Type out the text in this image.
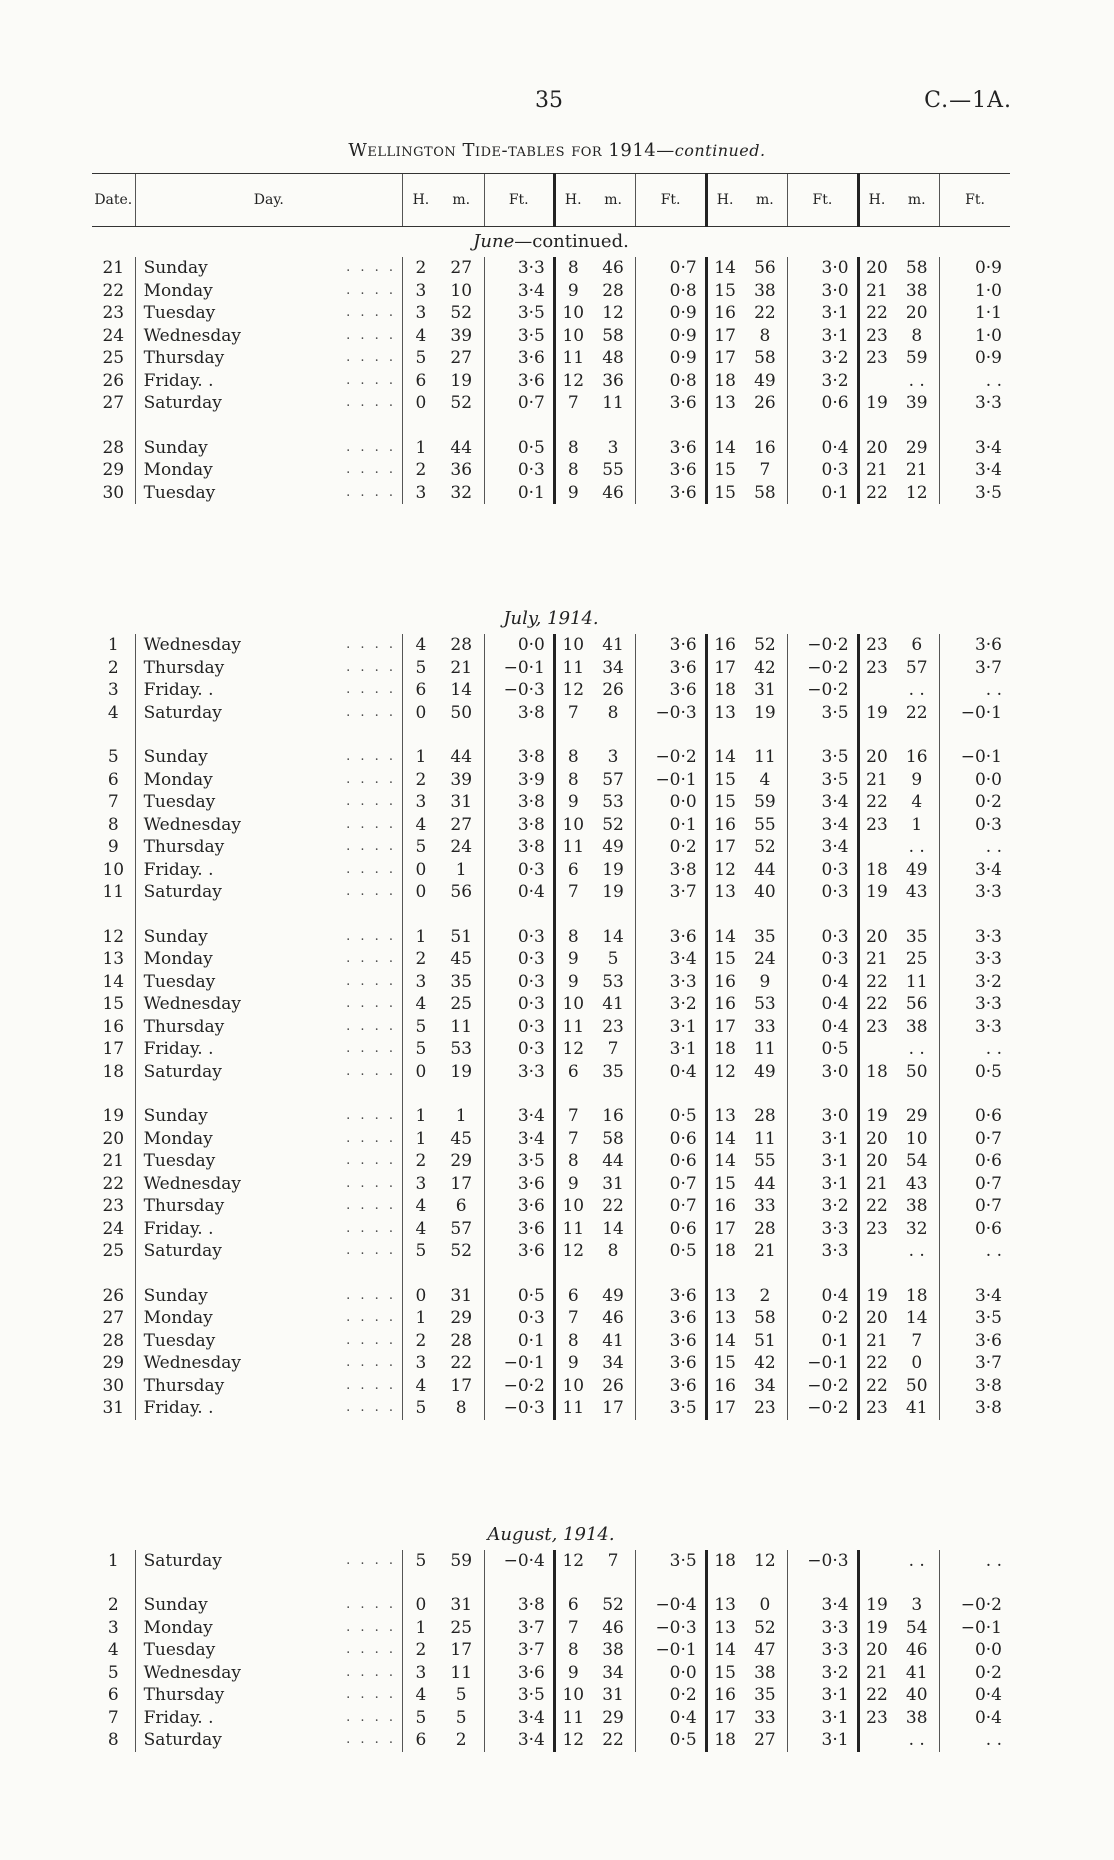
35	C.—1A.
Wellington Tide-tables for 1914—continued.
Date.	Day.		H.	m.	Ft.	H.	m.	Ft.	H.	m.	Ft.	H.	m.	Ft.
June—continued.														
21	Sunday	. . . .	2	27	3·3	8	46	0·7	14	56	3·0	20	58	0·9
22	Monday	. . . .	3	10	3·4	9	28	0·8	15	38	3·0	21	38	1·0
23	Tuesday	. . . .	3	52	3·5	10	12	0·9	16	22	3·1	22	20	1·1
24	Wednesday	. . . .	4	39	3·5	10	58	0·9	17	8	3·1	23	8	1·0
25	Thursday	. . . .	5	27	3·6	11	48	0·9	17	58	3·2	23	59	0·9
26	Friday. .	. . . .	6	19	3·6	12	36	0·8	18	49	3·2		. .	. .
27	Saturday	. . . .	0	52	0·7	7	11	3·6	13	26	0·6	19	39	3·3

28	Sunday	. . . .	1	44	0·5	8	3	3·6	14	16	0·4	20	29	3·4
29	Monday	. . . .	2	36	0·3	8	55	3·6	15	7	0·3	21	21	3·4
30	Tuesday	. . . .	3	32	0·1	9	46	3·6	15	58	0·1	22	12	3·5

July, 1914.														
1	Wednesday	. . . .	4	28	0·0	10	41	3·6	16	52	−0·2	23	6	3·6
2	Thursday	. . . .	5	21	−0·1	11	34	3·6	17	42	−0·2	23	57	3·7
3	Friday. .	. . . .	6	14	−0·3	12	26	3·6	18	31	−0·2		. .	. .
4	Saturday	. . . .	0	50	3·8	7	8	−0·3	13	19	3·5	19	22	−0·1

5	Sunday	. . . .	1	44	3·8	8	3	−0·2	14	11	3·5	20	16	−0·1
6	Monday	. . . .	2	39	3·9	8	57	−0·1	15	4	3·5	21	9	0·0
7	Tuesday	. . . .	3	31	3·8	9	53	0·0	15	59	3·4	22	4	0·2
8	Wednesday	. . . .	4	27	3·8	10	52	0·1	16	55	3·4	23	1	0·3
9	Thursday	. . . .	5	24	3·8	11	49	0·2	17	52	3·4		. .	. .
10	Friday. .	. . . .	0	1	0·3	6	19	3·8	12	44	0·3	18	49	3·4
11	Saturday	. . . .	0	56	0·4	7	19	3·7	13	40	0·3	19	43	3·3

12	Sunday	. . . .	1	51	0·3	8	14	3·6	14	35	0·3	20	35	3·3
13	Monday	. . . .	2	45	0·3	9	5	3·4	15	24	0·3	21	25	3·3
14	Tuesday	. . . .	3	35	0·3	9	53	3·3	16	9	0·4	22	11	3·2
15	Wednesday	. . . .	4	25	0·3	10	41	3·2	16	53	0·4	22	56	3·3
16	Thursday	. . . .	5	11	0·3	11	23	3·1	17	33	0·4	23	38	3·3
17	Friday. .	. . . .	5	53	0·3	12	7	3·1	18	11	0·5		. .	. .
18	Saturday	. . . .	0	19	3·3	6	35	0·4	12	49	3·0	18	50	0·5

19	Sunday	. . . .	1	1	3·4	7	16	0·5	13	28	3·0	19	29	0·6
20	Monday	. . . .	1	45	3·4	7	58	0·6	14	11	3·1	20	10	0·7
21	Tuesday	. . . .	2	29	3·5	8	44	0·6	14	55	3·1	20	54	0·6
22	Wednesday	. . . .	3	17	3·6	9	31	0·7	15	44	3·1	21	43	0·7
23	Thursday	. . . .	4	6	3·6	10	22	0·7	16	33	3·2	22	38	0·7
24	Friday. .	. . . .	4	57	3·6	11	14	0·6	17	28	3·3	23	32	0·6
25	Saturday	. . . .	5	52	3·6	12	8	0·5	18	21	3·3		. .	. .

26	Sunday	. . . .	0	31	0·5	6	49	3·6	13	2	0·4	19	18	3·4
27	Monday	. . . .	1	29	0·3	7	46	3·6	13	58	0·2	20	14	3·5
28	Tuesday	. . . .	2	28	0·1	8	41	3·6	14	51	0·1	21	7	3·6
29	Wednesday	. . . .	3	22	−0·1	9	34	3·6	15	42	−0·1	22	0	3·7
30	Thursday	. . . .	4	17	−0·2	10	26	3·6	16	34	−0·2	22	50	3·8
31	Friday. .	. . . .	5	8	−0·3	11	17	3·5	17	23	−0·2	23	41	3·8

August, 1914.														
1	Saturday	. . . .	5	59	−0·4	12	7	3·5	18	12	−0·3		. .	. .

2	Sunday	. . . .	0	31	3·8	6	52	−0·4	13	0	3·4	19	3	−0·2
3	Monday	. . . .	1	25	3·7	7	46	−0·3	13	52	3·3	19	54	−0·1
4	Tuesday	. . . .	2	17	3·7	8	38	−0·1	14	47	3·3	20	46	0·0
5	Wednesday	. . . .	3	11	3·6	9	34	0·0	15	38	3·2	21	41	0·2
6	Thursday	. . . .	4	5	3·5	10	31	0·2	16	35	3·1	22	40	0·4
7	Friday. .	. . . .	5	5	3·4	11	29	0·4	17	33	3·1	23	38	0·4
8	Saturday	. . . .	6	2	3·4	12	22	0·5	18	27	3·1		. .	. .
